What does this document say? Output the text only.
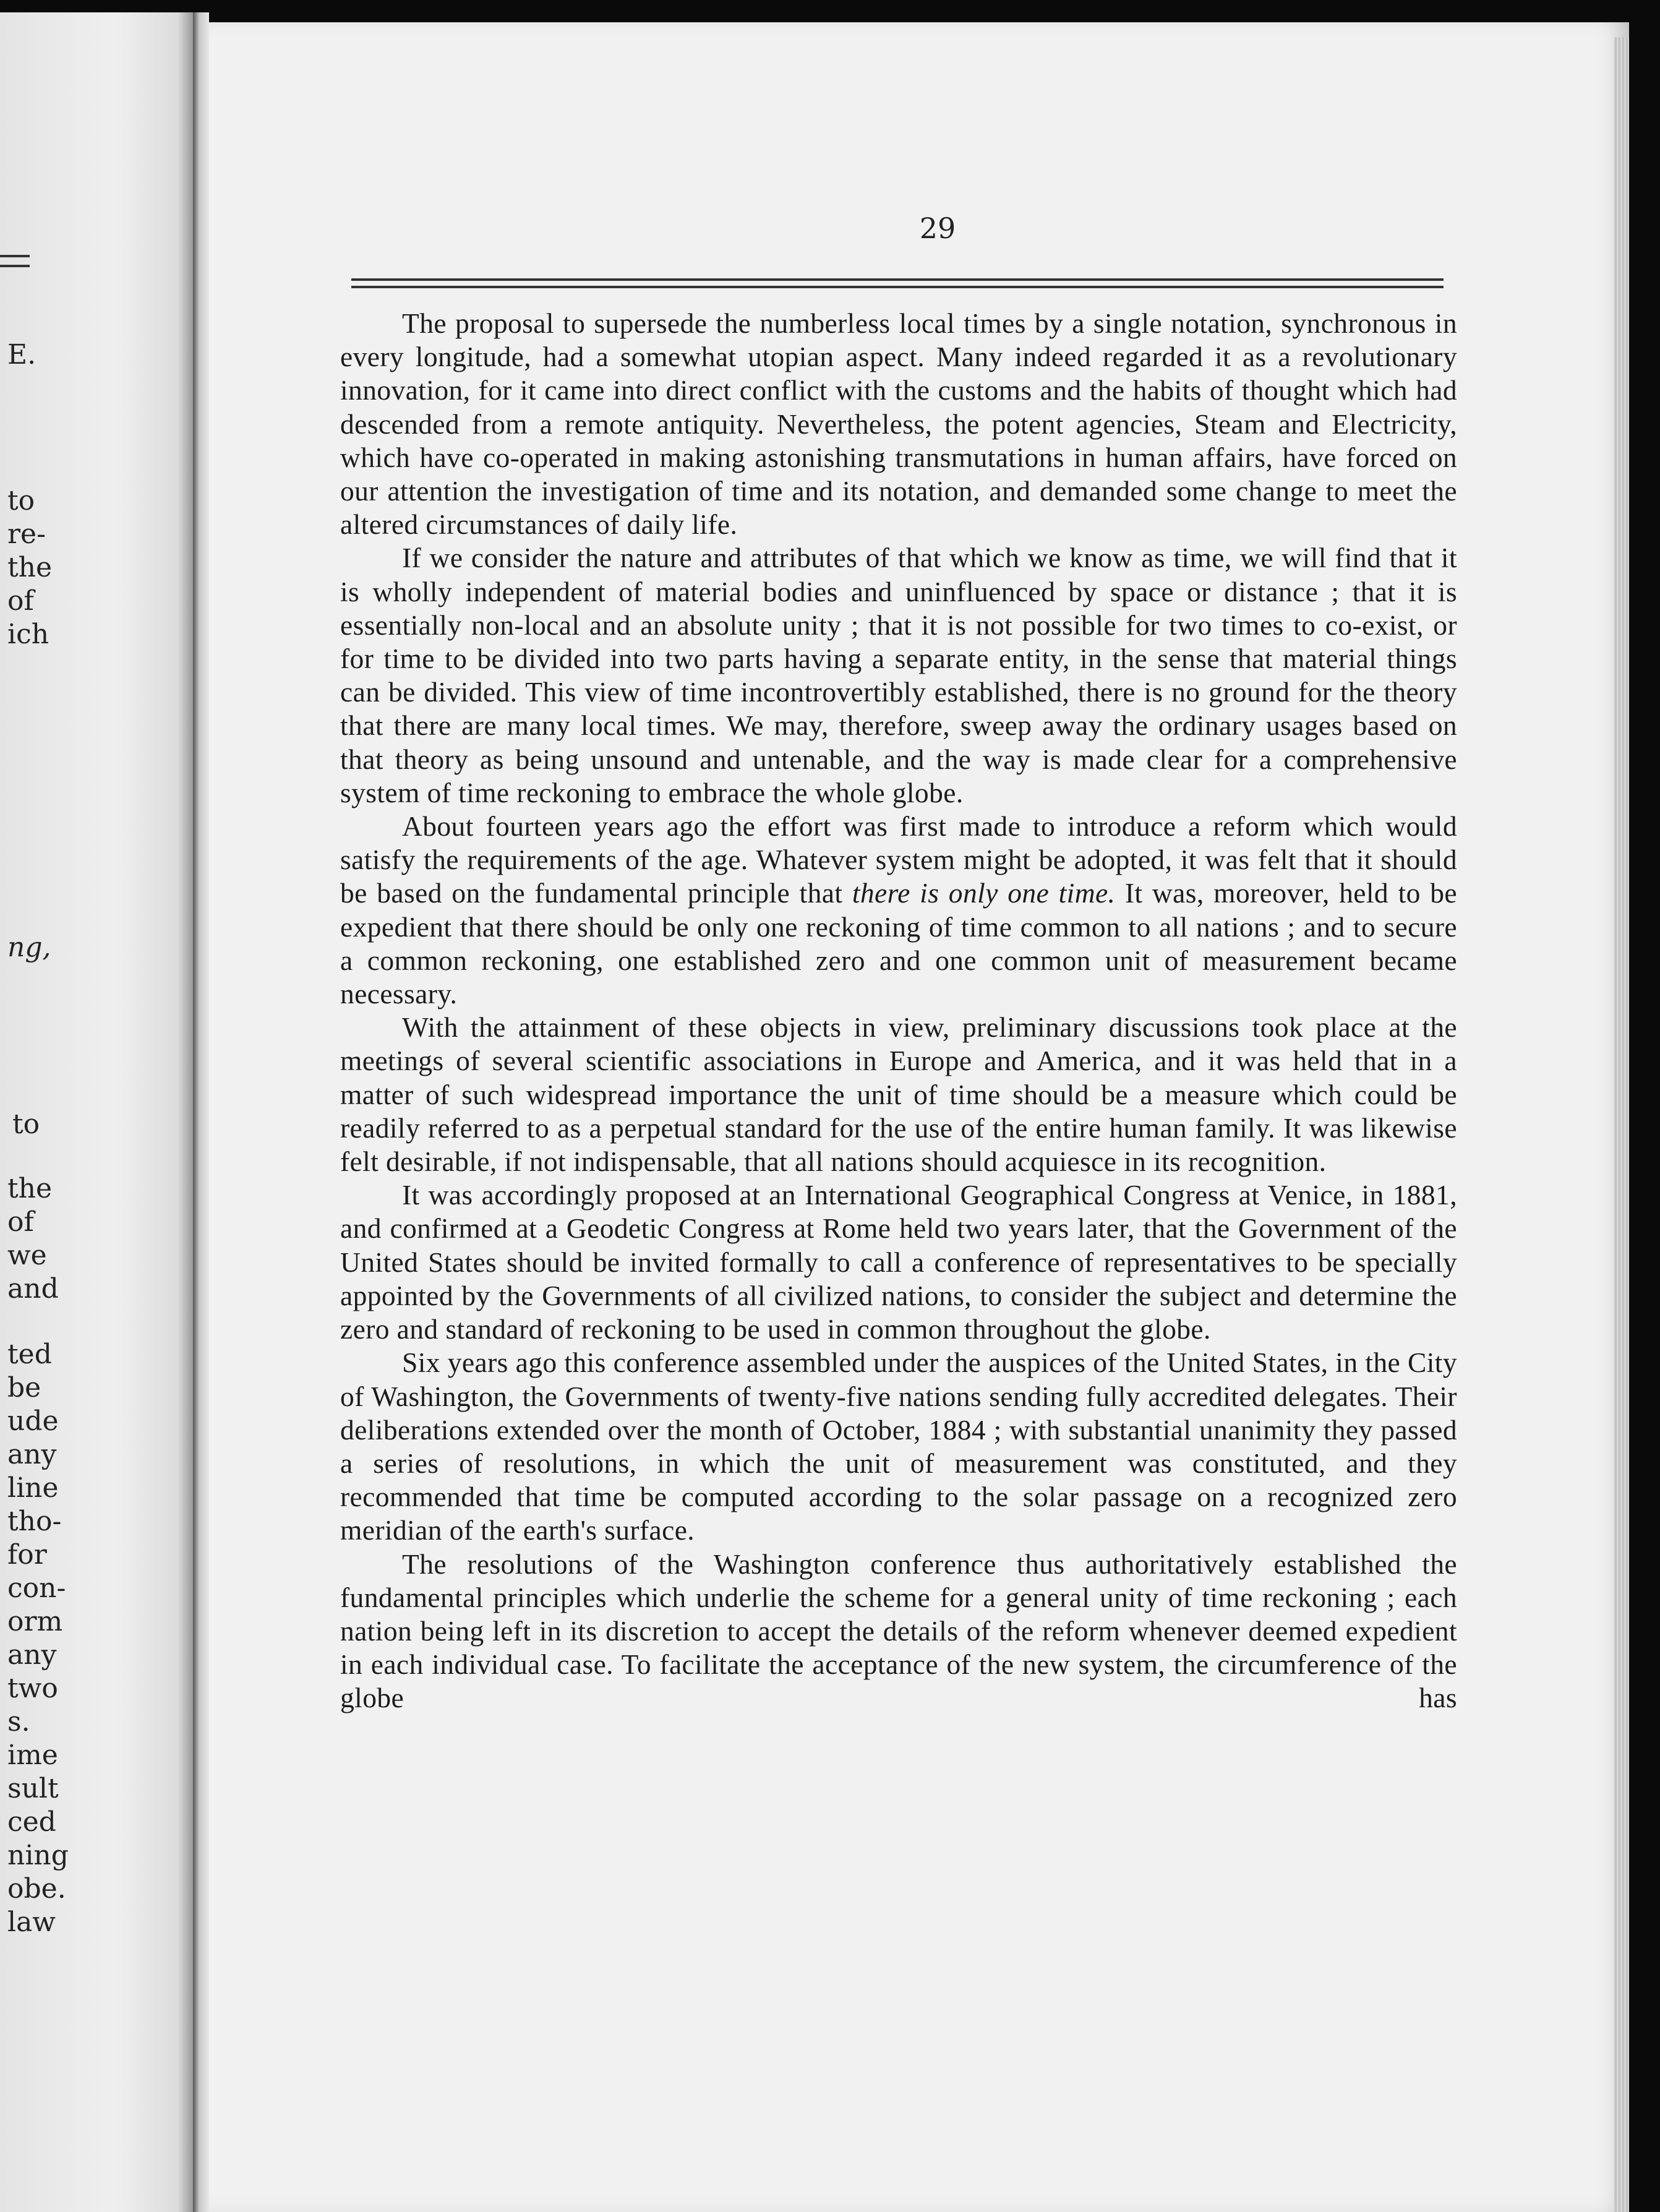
E.
to
re-
the
of
ich
ng,
to
the
of
we
and
ted
be
ude
any
line
tho-
for
con-
orm
any
two
s.
ime
sult
ced
ning
obe.
law
29

The proposal to supersede the numberless local times by a single notation, synchronous in every longitude, had a somewhat utopian aspect. Many indeed regarded it as a revolutionary innovation, for it came into direct conflict with the customs and the habits of thought which had descended from a remote antiquity. Nevertheless, the potent agencies, Steam and Electricity, which have co-operated in making astonishing transmutations in human affairs, have forced on our attention the investigation of time and its notation, and demanded some change to meet the altered circumstances of daily life.

If we consider the nature and attributes of that which we know as time, we will find that it is wholly independent of material bodies and uninfluenced by space or distance ; that it is essentially non-local and an absolute unity ; that it is not possible for two times to co-exist, or for time to be divided into two parts having a separate entity, in the sense that material things can be divided. This view of time incontrovertibly established, there is no ground for the theory that there are many local times. We may, therefore, sweep away the ordinary usages based on that theory as being unsound and untenable, and the way is made clear for a comprehensive system of time reckoning to embrace the whole globe.

About fourteen years ago the effort was first made to introduce a reform which would satisfy the requirements of the age. Whatever system might be adopted, it was felt that it should be based on the fundamental principle that there is only one time. It was, moreover, held to be expedient that there should be only one reckoning of time common to all nations ; and to secure a common reckoning, one established zero and one common unit of measurement became necessary.

With the attainment of these objects in view, preliminary discussions took place at the meetings of several scientific associations in Europe and America, and it was held that in a matter of such widespread importance the unit of time should be a measure which could be readily referred to as a perpetual standard for the use of the entire human family. It was likewise felt desirable, if not indispensable, that all nations should acquiesce in its recognition.

It was accordingly proposed at an International Geographical Congress at Venice, in 1881, and confirmed at a Geodetic Congress at Rome held two years later, that the Government of the United States should be invited formally to call a conference of representatives to be specially appointed by the Governments of all civilized nations, to consider the subject and determine the zero and standard of reckoning to be used in common throughout the globe.

Six years ago this conference assembled under the auspices of the United States, in the City of Washington, the Governments of twenty-five nations sending fully accredited delegates. Their deliberations extended over the month of October, 1884 ; with substantial unanimity they passed a series of resolutions, in which the unit of measurement was constituted, and they recommended that time be computed according to the solar passage on a recognized zero meridian of the earth's surface.

The resolutions of the Washington conference thus authoritatively established the fundamental principles which underlie the scheme for a general unity of time reckoning ; each nation being left in its discretion to accept the details of the reform whenever deemed expedient in each individual case. To facilitate the acceptance of the new system, the circumference of the globe has
